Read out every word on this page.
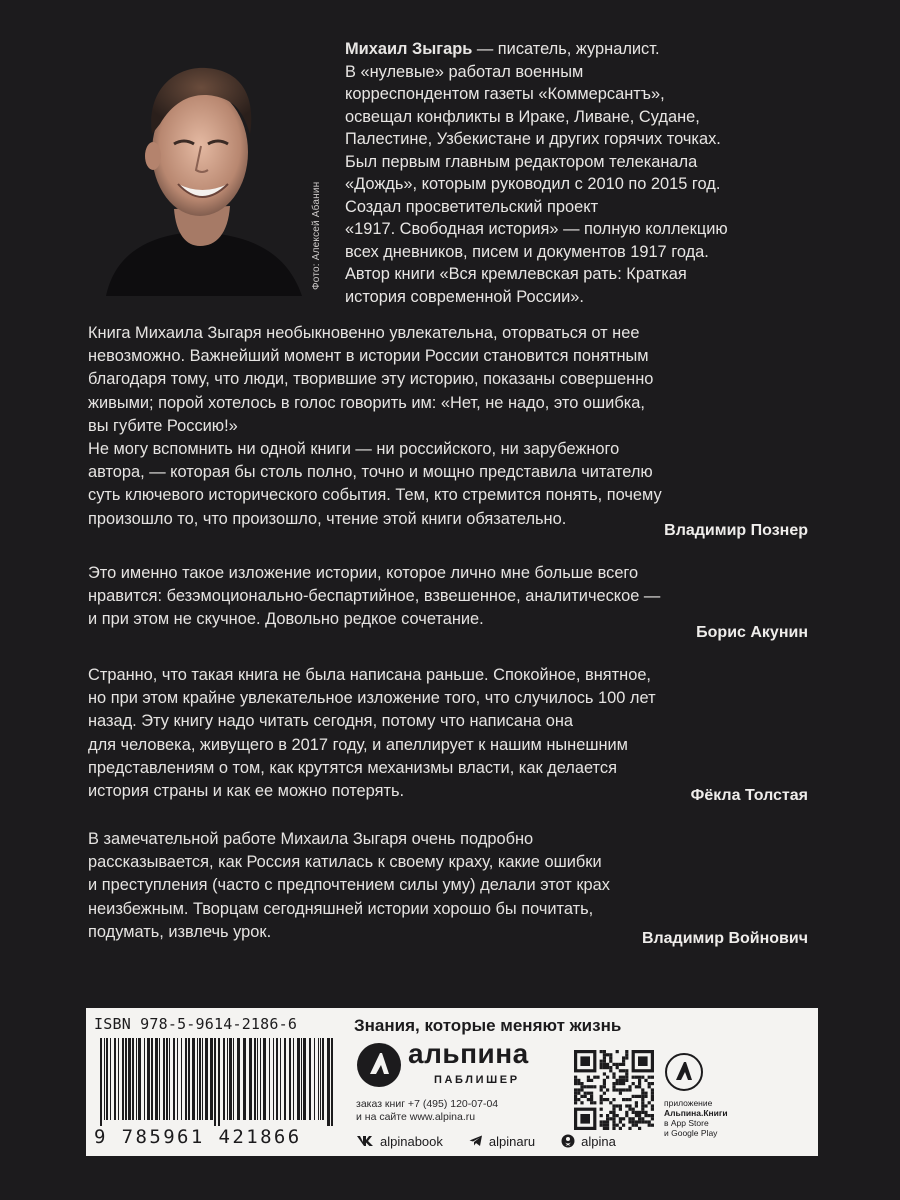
Фото: Алексей Абанин
Михаил Зыгарь — писатель, журналист.
В «нулевые» работал военным
корреспондентом газеты «Коммерсантъ»,
освещал конфликты в Ираке, Ливане, Судане,
Палестине, Узбекистане и других горячих точках.
Был первым главным редактором телеканала
«Дождь», которым руководил с 2010 по 2015 год.
Создал просветительский проект
«1917. Свободная история» — полную коллекцию
всех дневников, писем и документов 1917 года.
Автор книги «Вся кремлевская рать: Краткая
история современной России».
Книга Михаила Зыгаря необыкновенно увлекательна, оторваться от нее
невозможно. Важнейший момент в истории России становится понятным
благодаря тому, что люди, творившие эту историю, показаны совершенно
живыми; порой хотелось в голос говорить им: «Нет, не надо, это ошибка,
вы губите Россию!»
Не могу вспомнить ни одной книги — ни российского, ни зарубежного
автора, — которая бы столь полно, точно и мощно представила читателю
суть ключевого исторического события. Тем, кто стремится понять, почему
произошло то, что произошло, чтение этой книги обязательно.
Владимир Познер
Это именно такое изложение истории, которое лично мне больше всего
нравится: безэмоционально-беспартийное, взвешенное, аналитическое —
и при этом не скучное. Довольно редкое сочетание.
Борис Акунин
Странно, что такая книга не была написана раньше. Спокойное, внятное,
но при этом крайне увлекательное изложение того, что случилось 100 лет
назад. Эту книгу надо читать сегодня, потому что написана она
для человека, живущего в 2017 году, и апеллирует к нашим нынешним
представлениям о том, как крутятся механизмы власти, как делается
история страны и как ее можно потерять.	Фёкла Толстая
В замечательной работе Михаила Зыгаря очень подробно
рассказывается, как Россия катилась к своему краху, какие ошибки
и преступления (часто с предпочтением силы уму) делали этот крах
неизбежным. Творцам сегодняшней истории хорошо бы почитать,
подумать, извлечь урок.	Владимир Войнович
ISBN 978-5-9614-2186-6
9 785961 421866
Знания, которые меняют жизнь
альпина
ПАБЛИШЕР
заказ книг +7 (495) 120-07-04
и на сайте www.alpina.ru
приложение
Альпина.Книги
в App Store
и Google Play
alpinabook	alpinaru	alpina
